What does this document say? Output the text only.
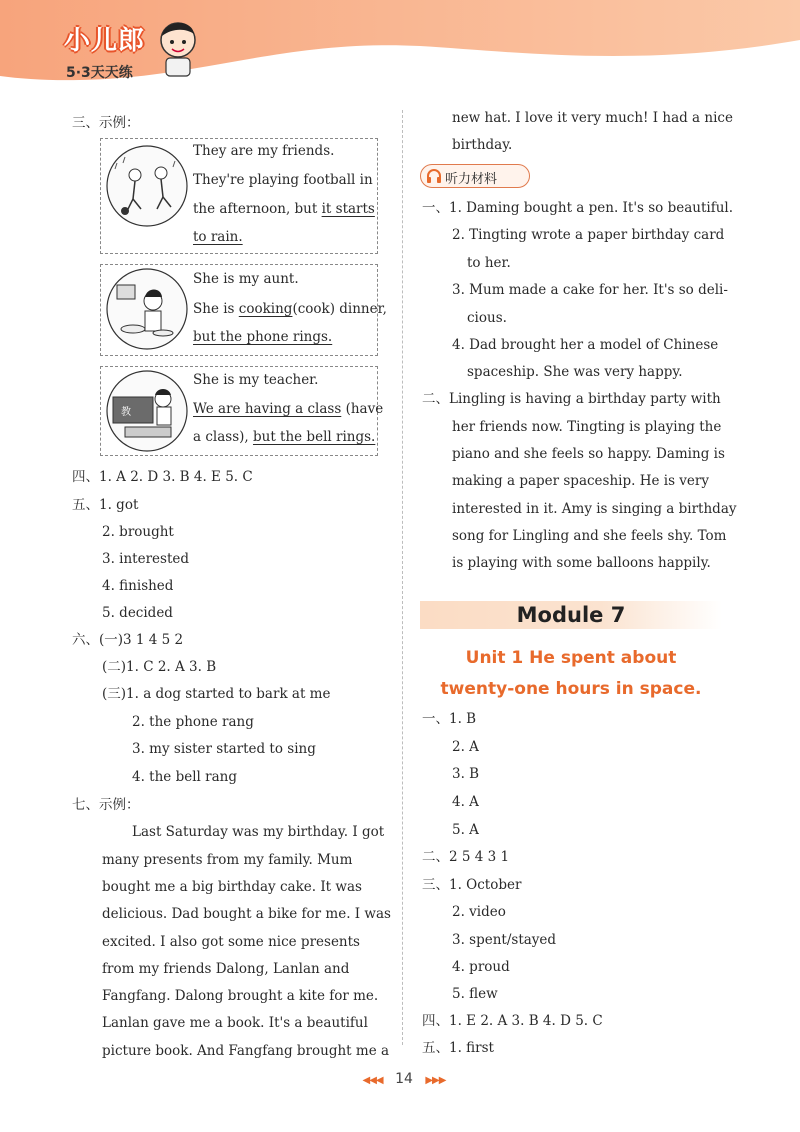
小儿郎
5·3天天练
三、示例：
They are my friends.
They're playing football in
the afternoon, but it starts
to rain.
She is my aunt.
She is cooking(cook) dinner,
but the phone rings.
教
She is my teacher.
We are having a class (have
a class), but the bell rings.
四、1. A 2. D 3. B 4. E 5. C
五、1. got
2. brought
3. interested
4. finished
5. decided
六、(一)3 1 4 5 2
(二)1. C 2. A 3. B
(三)1. a dog started to bark at me
2. the phone rang
3. my sister started to sing
4. the bell rang
七、示例：
Last Saturday was my birthday. I got
many presents from my family. Mum
bought me a big birthday cake. It was
delicious. Dad bought a bike for me. I was
excited. I also got some nice presents
from my friends Dalong, Lanlan and
Fangfang. Dalong brought a kite for me.
Lanlan gave me a book. It's a beautiful
picture book. And Fangfang brought me a
new hat. I love it very much! I had a nice
birthday.
听力材料
一、1. Daming bought a pen. It's so beautiful.
2. Tingting wrote a paper birthday card
to her.
3. Mum made a cake for her. It's so deli-
cious.
4. Dad brought her a model of Chinese
spaceship. She was very happy.
二、Lingling is having a birthday party with
her friends now. Tingting is playing the
piano and she feels so happy. Daming is
making a paper spaceship. He is very
interested in it. Amy is singing a birthday
song for Lingling and she feels shy. Tom
is playing with some balloons happily.
Module 7
Unit 1 He spent about
twenty-one hours in space.
一、1. B
2. A
3. B
4. A
5. A
二、2 5 4 3 1
三、1. October
2. video
3. spent/stayed
4. proud
5. flew
四、1. E 2. A 3. B 4. D 5. C
五、1. first
◀◀◀ 14 ▶▶▶
